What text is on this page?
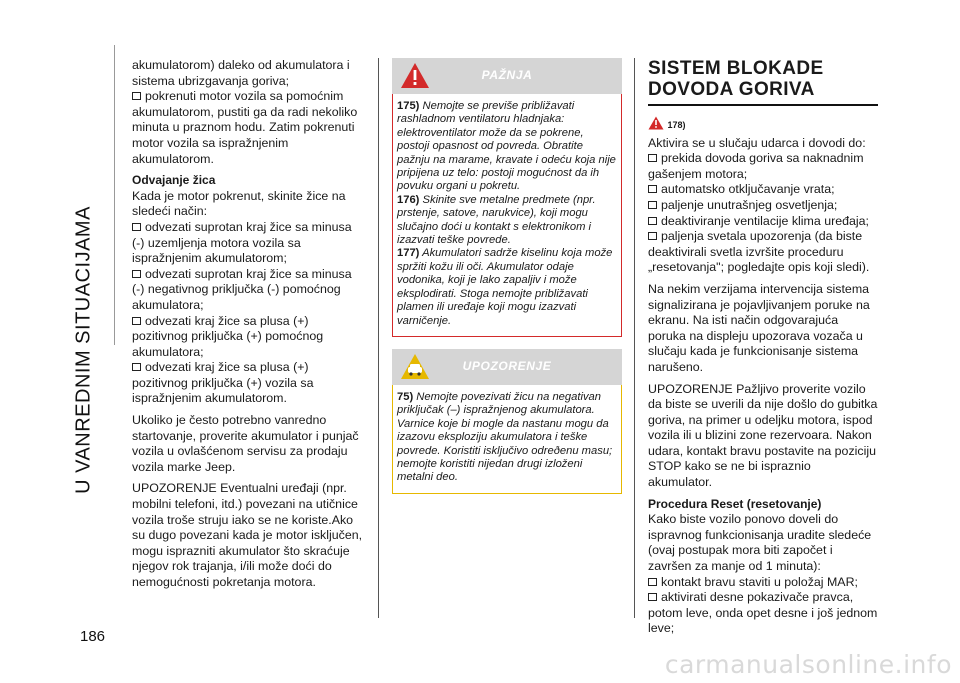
U VANREDNIM SITUACIJAMA
186

akumulatorom) daleko od akumulatora i sistema ubrizgavanja goriva;

pokrenuti motor vozila sa pomoćnim akumulatorom, pustiti ga da radi nekoliko minuta u praznom hodu. Zatim pokrenuti motor vozila sa ispražnjenim akumulatorom.

Odvajanje žica

Kada je motor pokrenut, skinite žice na sledeći način:

odvezati suprotan kraj žice sa minusa (-) uzemljenja motora vozila sa ispražnjenim akumulatorom;

odvezati suprotan kraj žice sa minusa (-) negativnog priključka (-) pomoćnog akumulatora;

odvezati kraj žice sa plusa (+) pozitivnog priključka (+) pomoćnog akumulatora;

odvezati kraj žice sa plusa (+) pozitivnog priključka (+) vozila sa ispražnjenim akumulatorom.

Ukoliko je često potrebno vanredno startovanje, proverite akumulator i punjač vozila u ovlašćenom servisu za prodaju vozila marke Jeep.

UPOZORENJE Eventualni uređaji (npr. mobilni telefoni, itd.) povezani na utičnice vozila troše struju iako se ne koriste.Ako su dugo povezani kada je motor isključen, mogu isprazniti akumulator što skraćuje njegov rok trajanja, i/ili može doći do nemogućnosti pokretanja motora.

PAŽNJA

175) Nemojte se previše približavati rashladnom ventilatoru hladnjaka: elektroventilator može da se pokrene, postoji opasnost od povreda. Obratite pažnju na marame, kravate i odeću koja nije pripijena uz telo: postoji mogućnost da ih povuku organi u pokretu.

176) Skinite sve metalne predmete (npr. prstenje, satove, narukvice), koji mogu slučajno doći u kontakt s elektronikom i izazvati teške povrede.

177) Akumulatori sadrže kiselinu koja može spržiti kožu ili oči. Akumulator odaje vodonika, koji je lako zapaljiv i može eksplodirati. Stoga nemojte približavati plamen ili uređaje koji mogu izazvati varničenje.

UPOZORENJE

75) Nemojte povezivati žicu na negativan priključak (–) ispražnjenog akumulatora. Varnice koje bi mogle da nastanu mogu da izazovu eksploziju akumulatora i teške povrede. Koristiti isključivo odreðenu masu; nemojte koristiti nijedan drugi izloženi metalni deo.

SISTEM BLOKADE
DOVODA GORIVA

178)

Aktivira se u slučaju udarca i dovodi do:

prekida dovoda goriva sa naknadnim gašenjem motora;

automatsko otključavanje vrata;

paljenje unutrašnjeg osvetljenja;

deaktiviranje ventilacije klima uređaja;

paljenja svetala upozorenja (da biste deaktivirali svetla izvršite proceduru „resetovanja"; pogledajte opis koji sledi).

Na nekim verzijama intervencija sistema signalizirana je pojavljivanjem poruke na ekranu. Na isti način odgovarajuća poruka na displeju upozorava vozača u slučaju kada je funkcionisanje sistema narušeno.

UPOZORENJE Pažljivo proverite vozilo da biste se uverili da nije došlo do gubitka goriva, na primer u odeljku motora, ispod vozila ili u blizini zone rezervoara. Nakon udara, kontakt bravu postavite na poziciju STOP kako se ne bi ispraznio akumulator.

Procedura Reset (resetovanje)

Kako biste vozilo ponovo doveli do ispravnog funkcionisanja uradite sledeće (ovaj postupak mora biti započet i završen za manje od 1 minuta):

kontakt bravu staviti u položaj MAR;

aktivirati desne pokazivače pravca, potom leve, onda opet desne i još jednom leve;

carmanualsonline.info
